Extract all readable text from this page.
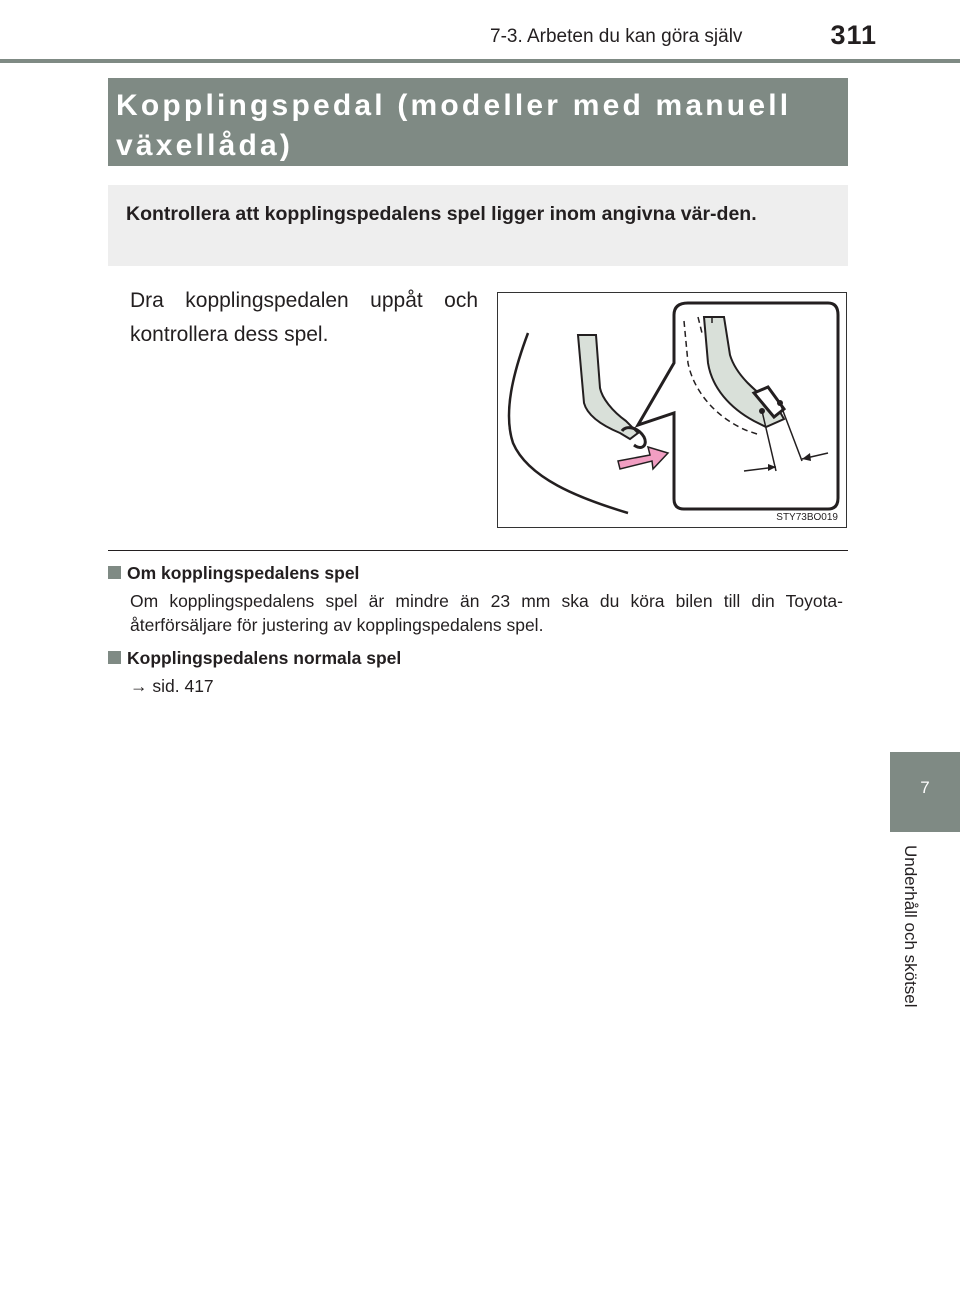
7-3. Arbeten du kan göra själv	311

Kopplingspedal (modeller med manuell
växellåda)

Kontrollera att kopplingspedalens spel ligger inom angivna vär-den.

Dra kopplingspedalen uppåt och kontrollera dess spel.

STY73BO019

Om kopplingspedalens spel

Om kopplingspedalens spel är mindre än 23 mm ska du köra bilen till din Toyota-återförsäljare för justering av kopplingspedalens spel.

Kopplingspedalens normala spel

→ sid. 417

7
Underhåll och skötsel
